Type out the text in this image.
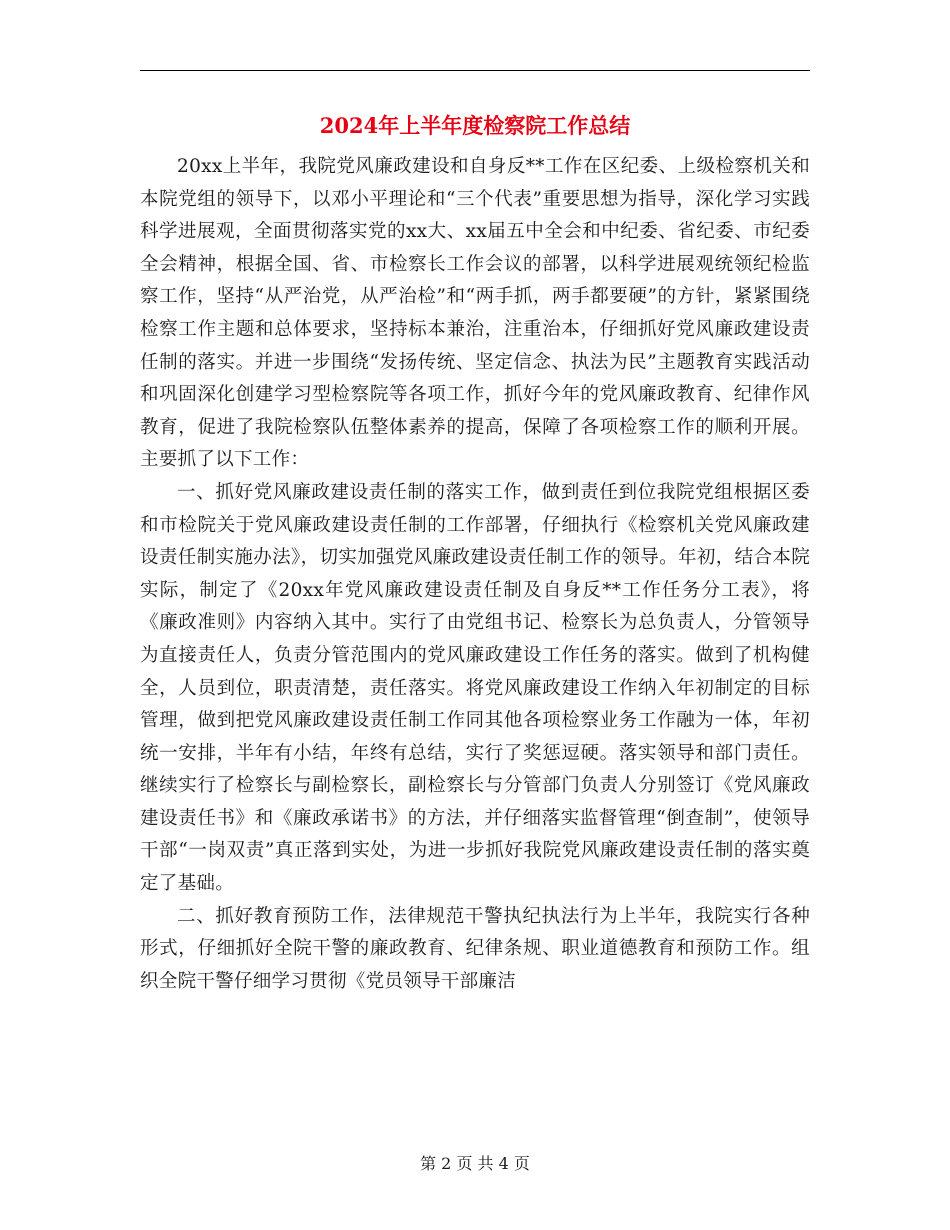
2024年上半年度检察院工作总结

20xx上半年，我院党风廉政建设和自身反**工作在区纪委、上级检察机关和本院党组的领导下，以邓小平理论和“三个代表”重要思想为指导，深化学习实践科学进展观，全面贯彻落实党的xx大、xx届五中全会和中纪委、省纪委、市纪委全会精神，根据全国、省、市检察长工作会议的部署，以科学进展观统领纪检监察工作，坚持“从严治党，从严治检”和“两手抓，两手都要硬”的方针，紧紧围绕检察工作主题和总体要求，坚持标本兼治，注重治本，仔细抓好党风廉政建设责任制的落实。并进一步围绕“发扬传统、坚定信念、执法为民”主题教育实践活动和巩固深化创建学习型检察院等各项工作，抓好今年的党风廉政教育、纪律作风教育，促进了我院检察队伍整体素养的提高，保障了各项检察工作的顺利开展。主要抓了以下工作：

一、抓好党风廉政建设责任制的落实工作，做到责任到位我院党组根据区委和市检院关于党风廉政建设责任制的工作部署，仔细执行《检察机关党风廉政建设责任制实施办法》，切实加强党风廉政建设责任制工作的领导。年初，结合本院实际，制定了《20xx年党风廉政建设责任制及自身反**工作任务分工表》，将《廉政准则》内容纳入其中。实行了由党组书记、检察长为总负责人，分管领导为直接责任人，负责分管范围内的党风廉政建设工作任务的落实。做到了机构健全，人员到位，职责清楚，责任落实。将党风廉政建设工作纳入年初制定的目标管理，做到把党风廉政建设责任制工作同其他各项检察业务工作融为一体，年初统一安排，半年有小结，年终有总结，实行了奖惩逗硬。落实领导和部门责任。继续实行了检察长与副检察长，副检察长与分管部门负责人分别签订《党风廉政建设责任书》和《廉政承诺书》的方法，并仔细落实监督管理“倒查制”，使领导干部“一岗双责”真正落到实处，为进一步抓好我院党风廉政建设责任制的落实奠定了基础。

二、抓好教育预防工作，法律规范干警执纪执法行为上半年，我院实行各种形式，仔细抓好全院干警的廉政教育、纪律条规、职业道德教育和预防工作。组织全院干警仔细学习贯彻《党员领导干部廉洁

第 2 页 共 4 页
